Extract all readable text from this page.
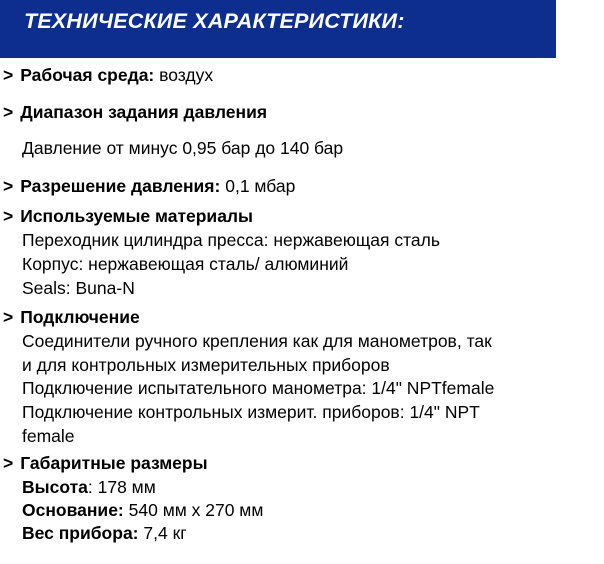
ТЕХНИЧЕСКИЕ ХАРАКТЕРИСТИКИ:
> Рабочая среда: воздух
> Диапазон задания давления
Давление от минус 0,95 бар до 140 бар
> Разрешение давления: 0,1 мбар
> Используемые материалы
Переходник цилиндра пресса: нержавеющая сталь
Корпус: нержавеющая сталь/ алюминий
Seals: Buna-N
> Подключение
Соединители ручного крепления как для манометров, так
и для контрольных измерительных приборов
Подключение испытательного манометра: 1/4" NPTfemale
Подключение контрольных измерит. приборов: 1/4" NPT
female
> Габаритные размеры
Высота: 178 мм
Основание: 540 мм x 270 мм
Вес прибора: 7,4 кг
